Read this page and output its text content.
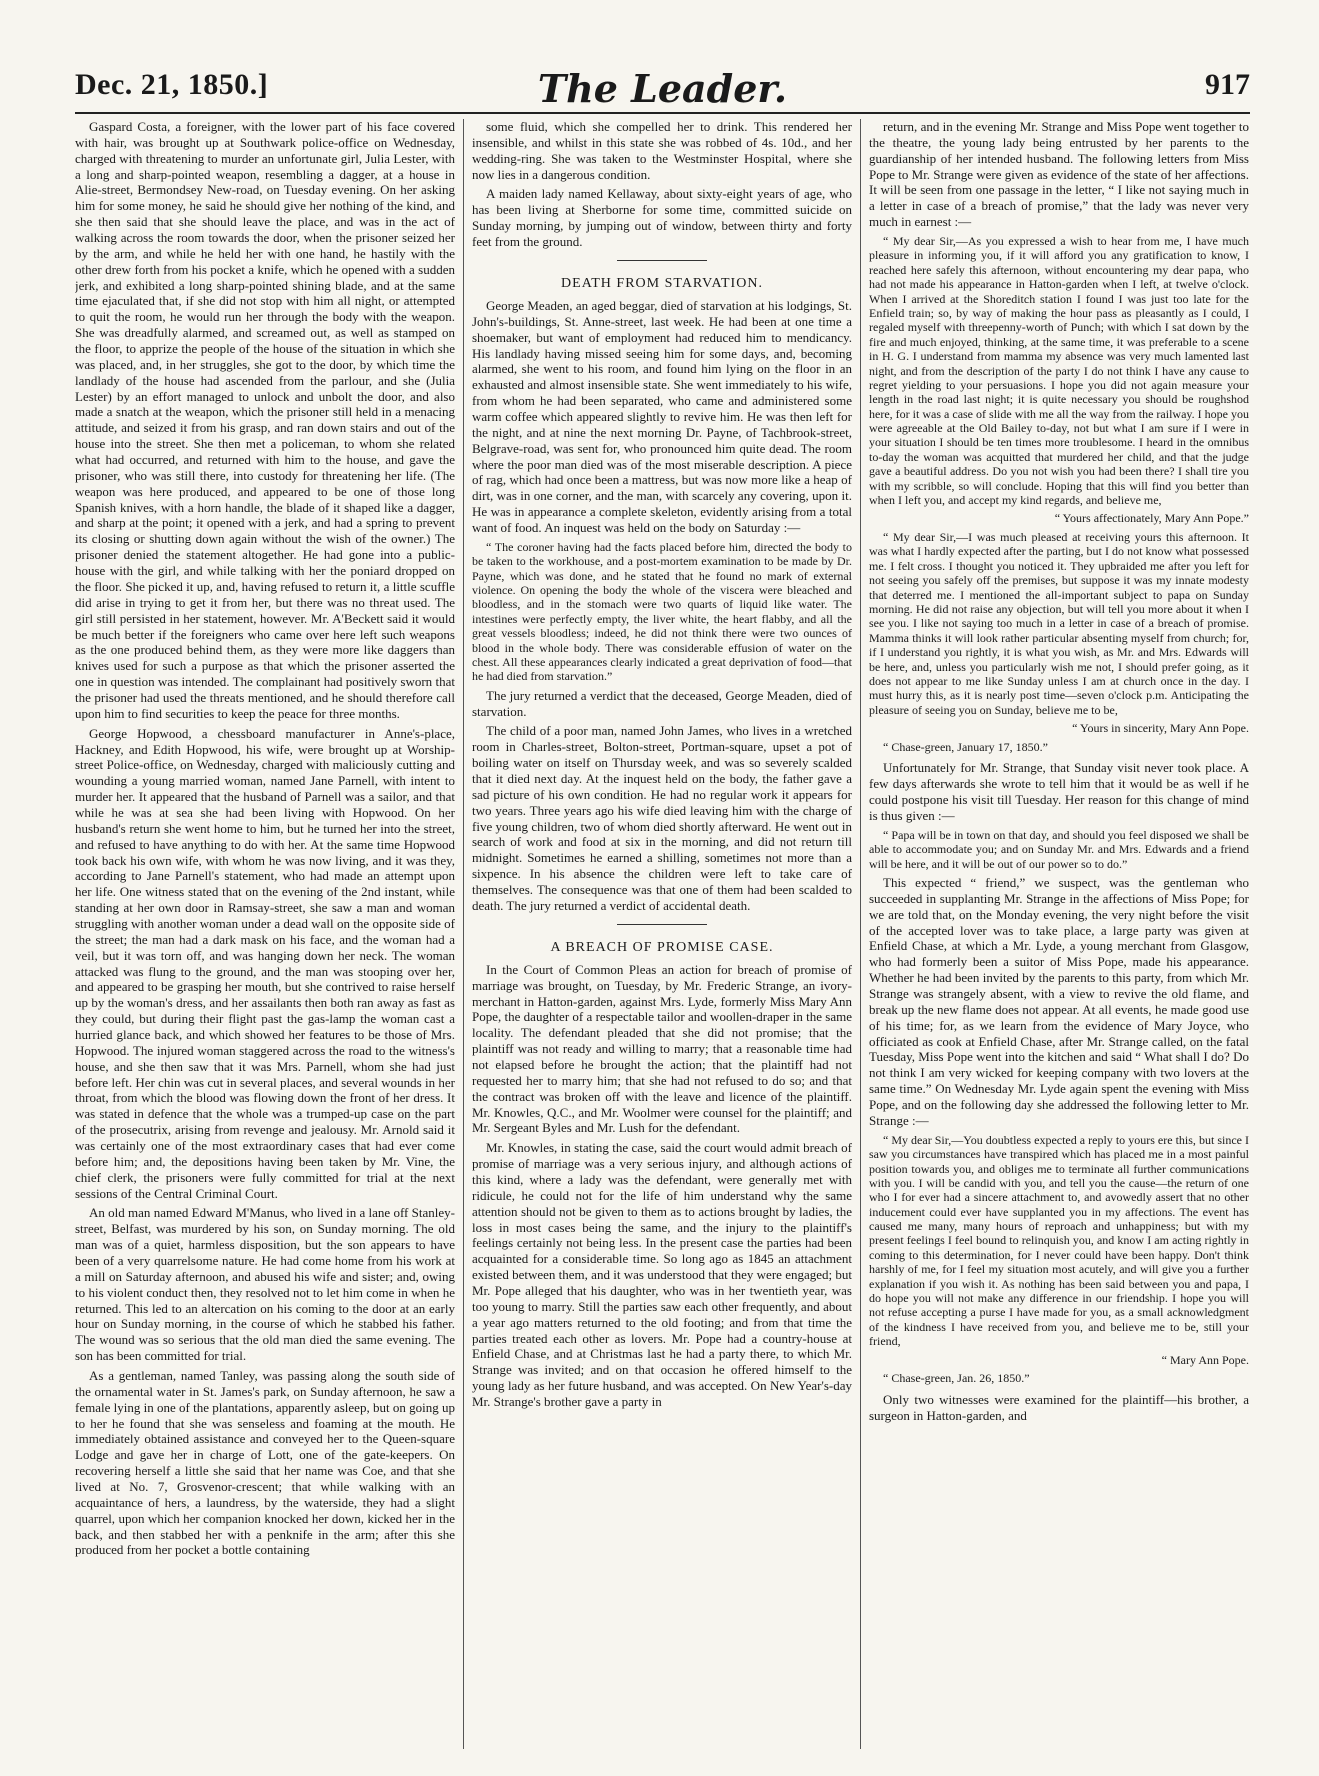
Dec. 21, 1850.]	The Leader.	917

Gaspard Costa, a foreigner, with the lower part of his face covered with hair, was brought up at Southwark police-office on Wednesday, charged with threatening to murder an unfortunate girl, Julia Lester, with a long and sharp-pointed weapon, resembling a dagger, at a house in Alie-street, Bermondsey New-road, on Tuesday evening. On her asking him for some money, he said he should give her nothing of the kind, and she then said that she should leave the place, and was in the act of walking across the room towards the door, when the prisoner seized her by the arm, and while he held her with one hand, he hastily with the other drew forth from his pocket a knife, which he opened with a sudden jerk, and exhibited a long sharp-pointed shining blade, and at the same time ejaculated that, if she did not stop with him all night, or attempted to quit the room, he would run her through the body with the weapon. She was dreadfully alarmed, and screamed out, as well as stamped on the floor, to apprize the people of the house of the situation in which she was placed, and, in her struggles, she got to the door, by which time the landlady of the house had ascended from the parlour, and she (Julia Lester) by an effort managed to unlock and unbolt the door, and also made a snatch at the weapon, which the prisoner still held in a menacing attitude, and seized it from his grasp, and ran down stairs and out of the house into the street. She then met a policeman, to whom she related what had occurred, and returned with him to the house, and gave the prisoner, who was still there, into custody for threatening her life. (The weapon was here produced, and appeared to be one of those long Spanish knives, with a horn handle, the blade of it shaped like a dagger, and sharp at the point; it opened with a jerk, and had a spring to prevent its closing or shutting down again without the wish of the owner.) The prisoner denied the statement altogether. He had gone into a public-house with the girl, and while talking with her the poniard dropped on the floor. She picked it up, and, having refused to return it, a little scuffle did arise in trying to get it from her, but there was no threat used. The girl still persisted in her statement, however. Mr. A'Beckett said it would be much better if the foreigners who came over here left such weapons as the one produced behind them, as they were more like daggers than knives used for such a purpose as that which the prisoner asserted the one in question was intended. The complainant had positively sworn that the prisoner had used the threats mentioned, and he should therefore call upon him to find securities to keep the peace for three months.

George Hopwood, a chessboard manufacturer in Anne's-place, Hackney, and Edith Hopwood, his wife, were brought up at Worship-street Police-office, on Wednesday, charged with maliciously cutting and wounding a young married woman, named Jane Parnell, with intent to murder her. It appeared that the husband of Parnell was a sailor, and that while he was at sea she had been living with Hopwood. On her husband's return she went home to him, but he turned her into the street, and refused to have anything to do with her. At the same time Hopwood took back his own wife, with whom he was now living, and it was they, according to Jane Parnell's statement, who had made an attempt upon her life. One witness stated that on the evening of the 2nd instant, while standing at her own door in Ramsay-street, she saw a man and woman struggling with another woman under a dead wall on the opposite side of the street; the man had a dark mask on his face, and the woman had a veil, but it was torn off, and was hanging down her neck. The woman attacked was flung to the ground, and the man was stooping over her, and appeared to be grasping her mouth, but she contrived to raise herself up by the woman's dress, and her assailants then both ran away as fast as they could, but during their flight past the gas-lamp the woman cast a hurried glance back, and which showed her features to be those of Mrs. Hopwood. The injured woman staggered across the road to the witness's house, and she then saw that it was Mrs. Parnell, whom she had just before left. Her chin was cut in several places, and several wounds in her throat, from which the blood was flowing down the front of her dress. It was stated in defence that the whole was a trumped-up case on the part of the prosecutrix, arising from revenge and jealousy. Mr. Arnold said it was certainly one of the most extraordinary cases that had ever come before him; and, the depositions having been taken by Mr. Vine, the chief clerk, the prisoners were fully committed for trial at the next sessions of the Central Criminal Court.

An old man named Edward M'Manus, who lived in a lane off Stanley-street, Belfast, was murdered by his son, on Sunday morning. The old man was of a quiet, harmless disposition, but the son appears to have been of a very quarrelsome nature. He had come home from his work at a mill on Saturday afternoon, and abused his wife and sister; and, owing to his violent conduct then, they resolved not to let him come in when he returned. This led to an altercation on his coming to the door at an early hour on Sunday morning, in the course of which he stabbed his father. The wound was so serious that the old man died the same evening. The son has been committed for trial.

As a gentleman, named Tanley, was passing along the south side of the ornamental water in St. James's park, on Sunday afternoon, he saw a female lying in one of the plantations, apparently asleep, but on going up to her he found that she was senseless and foaming at the mouth. He immediately obtained assistance and conveyed her to the Queen-square Lodge and gave her in charge of Lott, one of the gate-keepers. On recovering herself a little she said that her name was Coe, and that she lived at No. 7, Grosvenor-crescent; that while walking with an acquaintance of hers, a laundress, by the waterside, they had a slight quarrel, upon which her companion knocked her down, kicked her in the back, and then stabbed her with a penknife in the arm; after this she produced from her pocket a bottle containing

some fluid, which she compelled her to drink. This rendered her insensible, and whilst in this state she was robbed of 4s. 10d., and her wedding-ring. She was taken to the Westminster Hospital, where she now lies in a dangerous condition.

A maiden lady named Kellaway, about sixty-eight years of age, who has been living at Sherborne for some time, committed suicide on Sunday morning, by jumping out of window, between thirty and forty feet from the ground.

DEATH FROM STARVATION.

George Meaden, an aged beggar, died of starvation at his lodgings, St. John's-buildings, St. Anne-street, last week. He had been at one time a shoemaker, but want of employment had reduced him to mendicancy. His landlady having missed seeing him for some days, and, becoming alarmed, she went to his room, and found him lying on the floor in an exhausted and almost insensible state. She went immediately to his wife, from whom he had been separated, who came and administered some warm coffee which appeared slightly to revive him. He was then left for the night, and at nine the next morning Dr. Payne, of Tachbrook-street, Belgrave-road, was sent for, who pronounced him quite dead. The room where the poor man died was of the most miserable description. A piece of rag, which had once been a mattress, but was now more like a heap of dirt, was in one corner, and the man, with scarcely any covering, upon it. He was in appearance a complete skeleton, evidently arising from a total want of food. An inquest was held on the body on Saturday :—

“ The coroner having had the facts placed before him, directed the body to be taken to the workhouse, and a post-mortem examination to be made by Dr. Payne, which was done, and he stated that he found no mark of external violence. On opening the body the whole of the viscera were bleached and bloodless, and in the stomach were two quarts of liquid like water. The intestines were perfectly empty, the liver white, the heart flabby, and all the great vessels bloodless; indeed, he did not think there were two ounces of blood in the whole body. There was considerable effusion of water on the chest. All these appearances clearly indicated a great deprivation of food—that he had died from starvation.”

The jury returned a verdict that the deceased, George Meaden, died of starvation.

The child of a poor man, named John James, who lives in a wretched room in Charles-street, Bolton-street, Portman-square, upset a pot of boiling water on itself on Thursday week, and was so severely scalded that it died next day. At the inquest held on the body, the father gave a sad picture of his own condition. He had no regular work it appears for two years. Three years ago his wife died leaving him with the charge of five young children, two of whom died shortly afterward. He went out in search of work and food at six in the morning, and did not return till midnight. Sometimes he earned a shilling, sometimes not more than a sixpence. In his absence the children were left to take care of themselves. The consequence was that one of them had been scalded to death. The jury returned a verdict of accidental death.

A BREACH OF PROMISE CASE.

In the Court of Common Pleas an action for breach of promise of marriage was brought, on Tuesday, by Mr. Frederic Strange, an ivory-merchant in Hatton-garden, against Mrs. Lyde, formerly Miss Mary Ann Pope, the daughter of a respectable tailor and woollen-draper in the same locality. The defendant pleaded that she did not promise; that the plaintiff was not ready and willing to marry; that a reasonable time had not elapsed before he brought the action; that the plaintiff had not requested her to marry him; that she had not refused to do so; and that the contract was broken off with the leave and licence of the plaintiff. Mr. Knowles, Q.C., and Mr. Woolmer were counsel for the plaintiff; and Mr. Sergeant Byles and Mr. Lush for the defendant.

Mr. Knowles, in stating the case, said the court would admit breach of promise of marriage was a very serious injury, and although actions of this kind, where a lady was the defendant, were generally met with ridicule, he could not for the life of him understand why the same attention should not be given to them as to actions brought by ladies, the loss in most cases being the same, and the injury to the plaintiff's feelings certainly not being less. In the present case the parties had been acquainted for a considerable time. So long ago as 1845 an attachment existed between them, and it was understood that they were engaged; but Mr. Pope alleged that his daughter, who was in her twentieth year, was too young to marry. Still the parties saw each other frequently, and about a year ago matters returned to the old footing; and from that time the parties treated each other as lovers. Mr. Pope had a country-house at Enfield Chase, and at Christmas last he had a party there, to which Mr. Strange was invited; and on that occasion he offered himself to the young lady as her future husband, and was accepted. On New Year's-day Mr. Strange's brother gave a party in

return, and in the evening Mr. Strange and Miss Pope went together to the theatre, the young lady being entrusted by her parents to the guardianship of her intended husband. The following letters from Miss Pope to Mr. Strange were given as evidence of the state of her affections. It will be seen from one passage in the letter, “ I like not saying much in a letter in case of a breach of promise,” that the lady was never very much in earnest :—

“ My dear Sir,—As you expressed a wish to hear from me, I have much pleasure in informing you, if it will afford you any gratification to know, I reached here safely this afternoon, without encountering my dear papa, who had not made his appearance in Hatton-garden when I left, at twelve o'clock. When I arrived at the Shoreditch station I found I was just too late for the Enfield train; so, by way of making the hour pass as pleasantly as I could, I regaled myself with threepenny-worth of Punch; with which I sat down by the fire and much enjoyed, thinking, at the same time, it was preferable to a scene in H. G. I understand from mamma my absence was very much lamented last night, and from the description of the party I do not think I have any cause to regret yielding to your persuasions. I hope you did not again measure your length in the road last night; it is quite necessary you should be roughshod here, for it was a case of slide with me all the way from the railway. I hope you were agreeable at the Old Bailey to-day, not but what I am sure if I were in your situation I should be ten times more troublesome. I heard in the omnibus to-day the woman was acquitted that murdered her child, and that the judge gave a beautiful address. Do you not wish you had been there? I shall tire you with my scribble, so will conclude. Hoping that this will find you better than when I left you, and accept my kind regards, and believe me,

“ Yours affectionately, Mary Ann Pope.”

“ My dear Sir,—I was much pleased at receiving yours this afternoon. It was what I hardly expected after the parting, but I do not know what possessed me. I felt cross. I thought you noticed it. They upbraided me after you left for not seeing you safely off the premises, but suppose it was my innate modesty that deterred me. I mentioned the all-important subject to papa on Sunday morning. He did not raise any objection, but will tell you more about it when I see you. I like not saying too much in a letter in case of a breach of promise. Mamma thinks it will look rather particular absenting myself from church; for, if I understand you rightly, it is what you wish, as Mr. and Mrs. Edwards will be here, and, unless you particularly wish me not, I should prefer going, as it does not appear to me like Sunday unless I am at church once in the day. I must hurry this, as it is nearly post time—seven o'clock p.m. Anticipating the pleasure of seeing you on Sunday, believe me to be,

“ Yours in sincerity, Mary Ann Pope.

“ Chase-green, January 17, 1850.”

Unfortunately for Mr. Strange, that Sunday visit never took place. A few days afterwards she wrote to tell him that it would be as well if he could postpone his visit till Tuesday. Her reason for this change of mind is thus given :—

“ Papa will be in town on that day, and should you feel disposed we shall be able to accommodate you; and on Sunday Mr. and Mrs. Edwards and a friend will be here, and it will be out of our power so to do.”

This expected “ friend,” we suspect, was the gentleman who succeeded in supplanting Mr. Strange in the affections of Miss Pope; for we are told that, on the Monday evening, the very night before the visit of the accepted lover was to take place, a large party was given at Enfield Chase, at which a Mr. Lyde, a young merchant from Glasgow, who had formerly been a suitor of Miss Pope, made his appearance. Whether he had been invited by the parents to this party, from which Mr. Strange was strangely absent, with a view to revive the old flame, and break up the new flame does not appear. At all events, he made good use of his time; for, as we learn from the evidence of Mary Joyce, who officiated as cook at Enfield Chase, after Mr. Strange called, on the fatal Tuesday, Miss Pope went into the kitchen and said “ What shall I do? Do not think I am very wicked for keeping company with two lovers at the same time.” On Wednesday Mr. Lyde again spent the evening with Miss Pope, and on the following day she addressed the following letter to Mr. Strange :—

“ My dear Sir,—You doubtless expected a reply to yours ere this, but since I saw you circumstances have transpired which has placed me in a most painful position towards you, and obliges me to terminate all further communications with you. I will be candid with you, and tell you the cause—the return of one who I for ever had a sincere attachment to, and avowedly assert that no other inducement could ever have supplanted you in my affections. The event has caused me many, many hours of reproach and unhappiness; but with my present feelings I feel bound to relinquish you, and know I am acting rightly in coming to this determination, for I never could have been happy. Don't think harshly of me, for I feel my situation most acutely, and will give you a further explanation if you wish it. As nothing has been said between you and papa, I do hope you will not make any difference in our friendship. I hope you will not refuse accepting a purse I have made for you, as a small acknowledgment of the kindness I have received from you, and believe me to be, still your friend,

“ Mary Ann Pope.

“ Chase-green, Jan. 26, 1850.”

Only two witnesses were examined for the plaintiff—his brother, a surgeon in Hatton-garden, and
